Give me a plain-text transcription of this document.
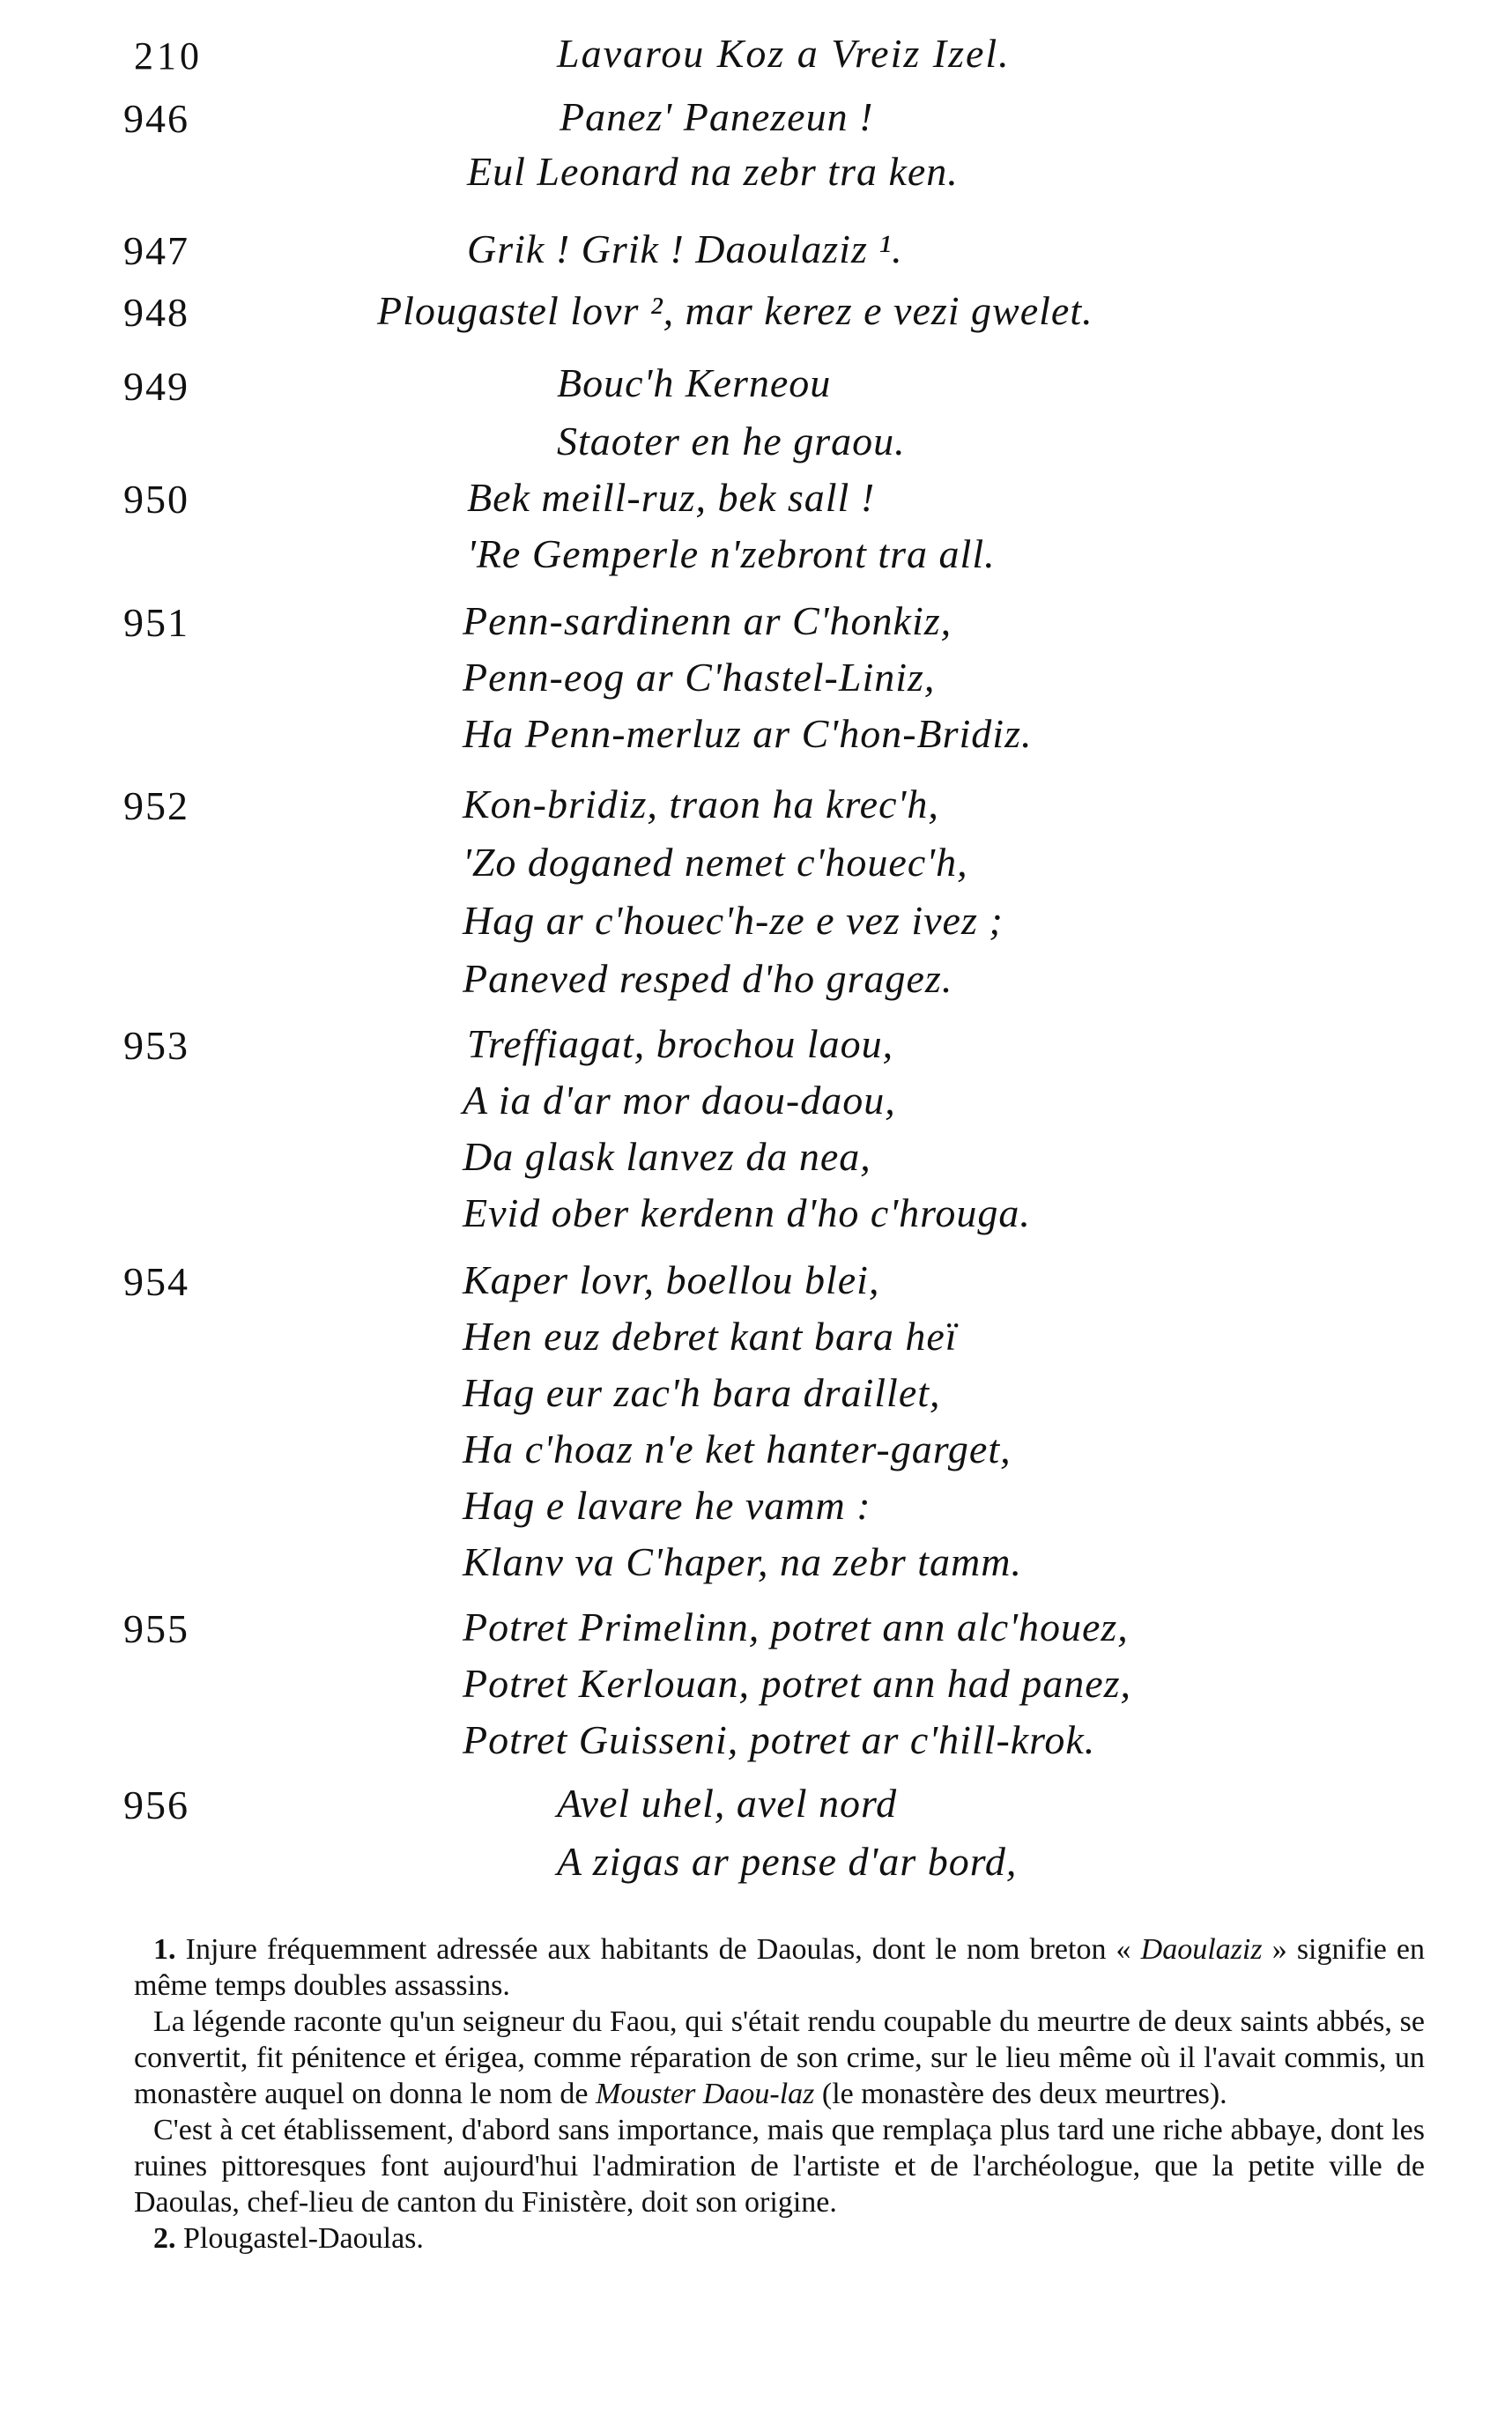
210	Lavarou Koz a Vreiz Izel.
946	Panez' Panezeun !
Eul Leonard na zebr tra ken.
947	Grik ! Grik ! Daoulaziz ¹.
948	Plougastel lovr ², mar kerez e vezi gwelet.
949	Bouc'h Kerneou
Staoter en he graou.
950	Bek meill-ruz, bek sall !
'Re Gemperle n'zebront tra all.
951	Penn-sardinenn ar C'honkiz,
Penn-eog ar C'hastel-Liniz,
Ha Penn-merluz ar C'hon-Bridiz.
952	Kon-bridiz, traon ha krec'h,
'Zo doganed nemet c'houec'h,
Hag ar c'houec'h-ze e vez ivez ;
Paneved resped d'ho gragez.
953	Treffiagat, brochou laou,
A ia d'ar mor daou-daou,
Da glask lanvez da nea,
Evid ober kerdenn d'ho c'hrouga.
954	Kaper lovr, boellou blei,
Hen euz debret kant bara heï
Hag eur zac'h bara draillet,
Ha c'hoaz n'e ket hanter-garget,
Hag e lavare he vamm :
Klanv va C'haper, na zebr tamm.
955	Potret Primelinn, potret ann alc'houez,
Potret Kerlouan, potret ann had panez,
Potret Guisseni, potret ar c'hill-krok.
956	Avel uhel, avel nord
A zigas ar pense d'ar bord,

1. Injure fréquemment adressée aux habitants de Daoulas, dont le nom breton « Daoulaziz » signifie en même temps doubles assassins.

La légende raconte qu'un seigneur du Faou, qui s'était rendu coupable du meurtre de deux saints abbés, se convertit, fit pénitence et érigea, comme réparation de son crime, sur le lieu même où il l'avait commis, un monastère auquel on donna le nom de Mouster Daou-laz (le monastère des deux meurtres).

C'est à cet établissement, d'abord sans importance, mais que remplaça plus tard une riche abbaye, dont les ruines pittoresques font aujourd'hui l'admiration de l'artiste et de l'archéologue, que la petite ville de Daoulas, chef-lieu de canton du Finistère, doit son origine.

2. Plougastel-Daoulas.
